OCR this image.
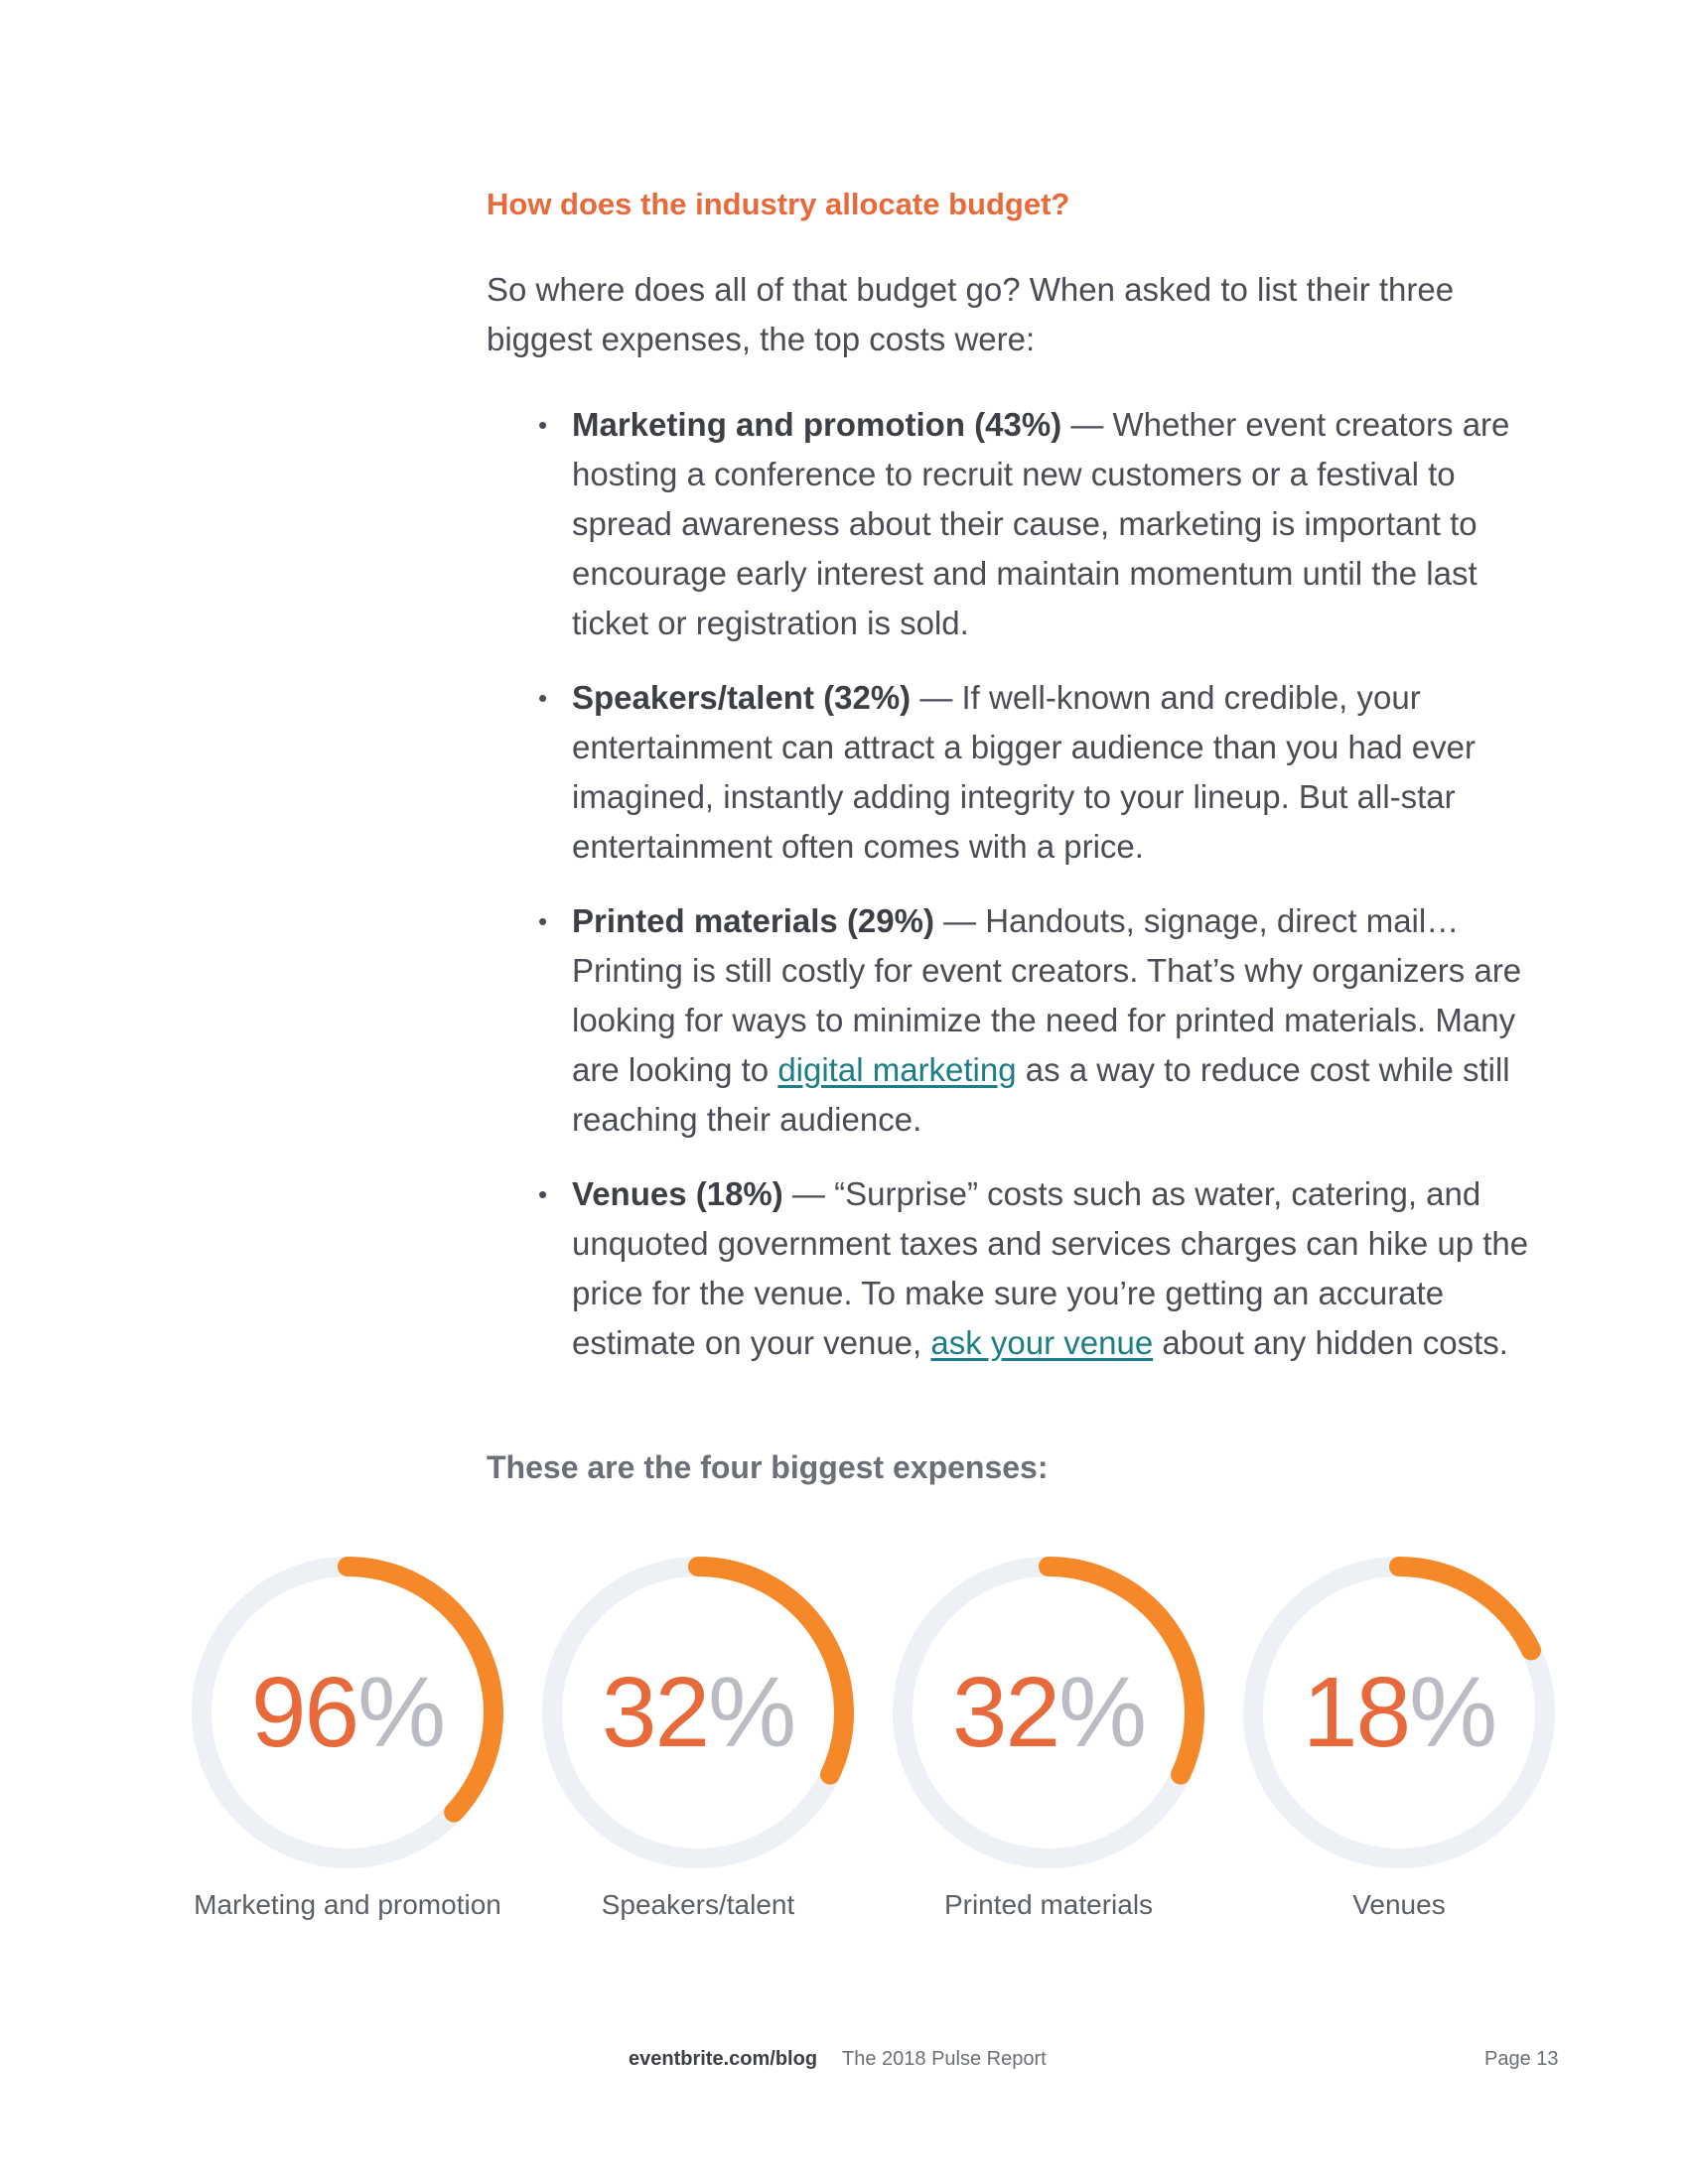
How does the industry allocate budget?

So where does all of that budget go? When asked to list their three biggest expenses, the top costs were:

• Marketing and promotion (43%) — Whether event creators are hosting a conference to recruit new customers or a festival to spread awareness about their cause, marketing is important to encourage early interest and maintain momentum until the last ticket or registration is sold.
• Speakers/talent (32%) — If well-known and credible, your entertainment can attract a bigger audience than you had ever imagined, instantly adding integrity to your lineup. But all-star entertainment often comes with a price.
• Printed materials (29%) — Handouts, signage, direct mail… Printing is still costly for event creators. That’s why organizers are looking for ways to minimize the need for printed materials. Many are looking to digital marketing as a way to reduce cost while still reaching their audience.
• Venues (18%) — “Surprise” costs such as water, catering, and unquoted government taxes and services charges can hike up the price for the venue. To make sure you’re getting an accurate estimate on your venue, ask your venue about any hidden costs.
These are the four biggest expenses:
96%
Marketing and promotion
32%
Speakers/talent
32%
Printed materials
18%
Venues
eventbrite.com/blog The 2018 Pulse Report	Page 13
